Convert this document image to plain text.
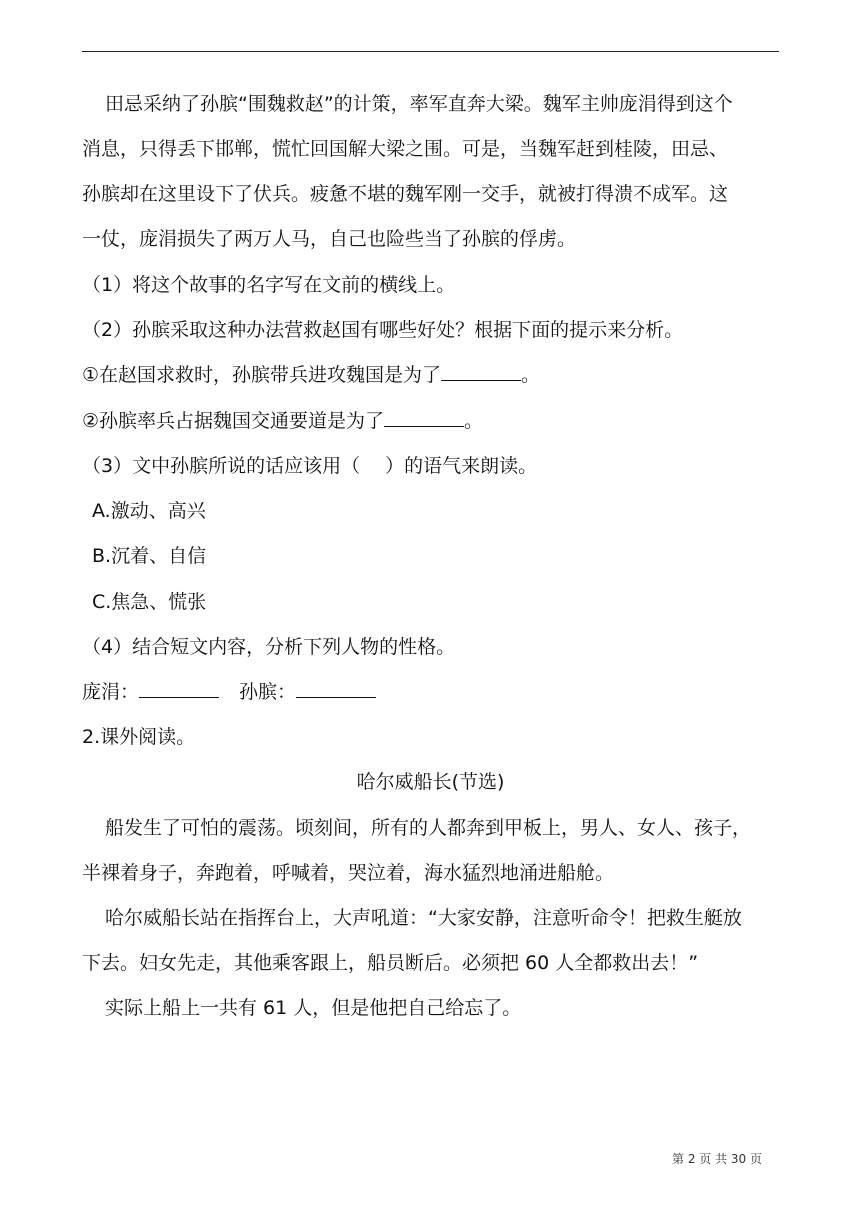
田忌采纳了孙膑“围魏救赵”的计策，率军直奔大梁。魏军主帅庞涓得到这个
消息，只得丢下邯郸，慌忙回国解大梁之围。可是，当魏军赶到桂陵，田忌、
孙膑却在这里设下了伏兵。疲惫不堪的魏军刚一交手，就被打得溃不成军。这
一仗，庞涓损失了两万人马，自己也险些当了孙膑的俘虏。
（1）将这个故事的名字写在文前的横线上。
（2）孙膑采取这种办法营救赵国有哪些好处？根据下面的提示来分析。
①在赵国求救时，孙膑带兵进攻魏国是为了	。
②孙膑率兵占据魏国交通要道是为了	。
（3）文中孙膑所说的话应该用（　 ）的语气来朗读。
A.激动、高兴
B.沉着、自信
C.焦急、慌张
（4）结合短文内容，分析下列人物的性格。
庞涓：	孙膑：
2.课外阅读。
哈尔威船长(节选)
船发生了可怕的震荡。顷刻间，所有的人都奔到甲板上，男人、女人、孩子，
半裸着身子，奔跑着，呼喊着，哭泣着，海水猛烈地涌进船舱。
哈尔威船长站在指挥台上，大声吼道：“大家安静，注意听命令！把救生艇放
下去。妇女先走，其他乘客跟上，船员断后。必须把 60 人全都救出去！”
实际上船上一共有 61 人，但是他把自己给忘了。
第 2 页 共 30 页
